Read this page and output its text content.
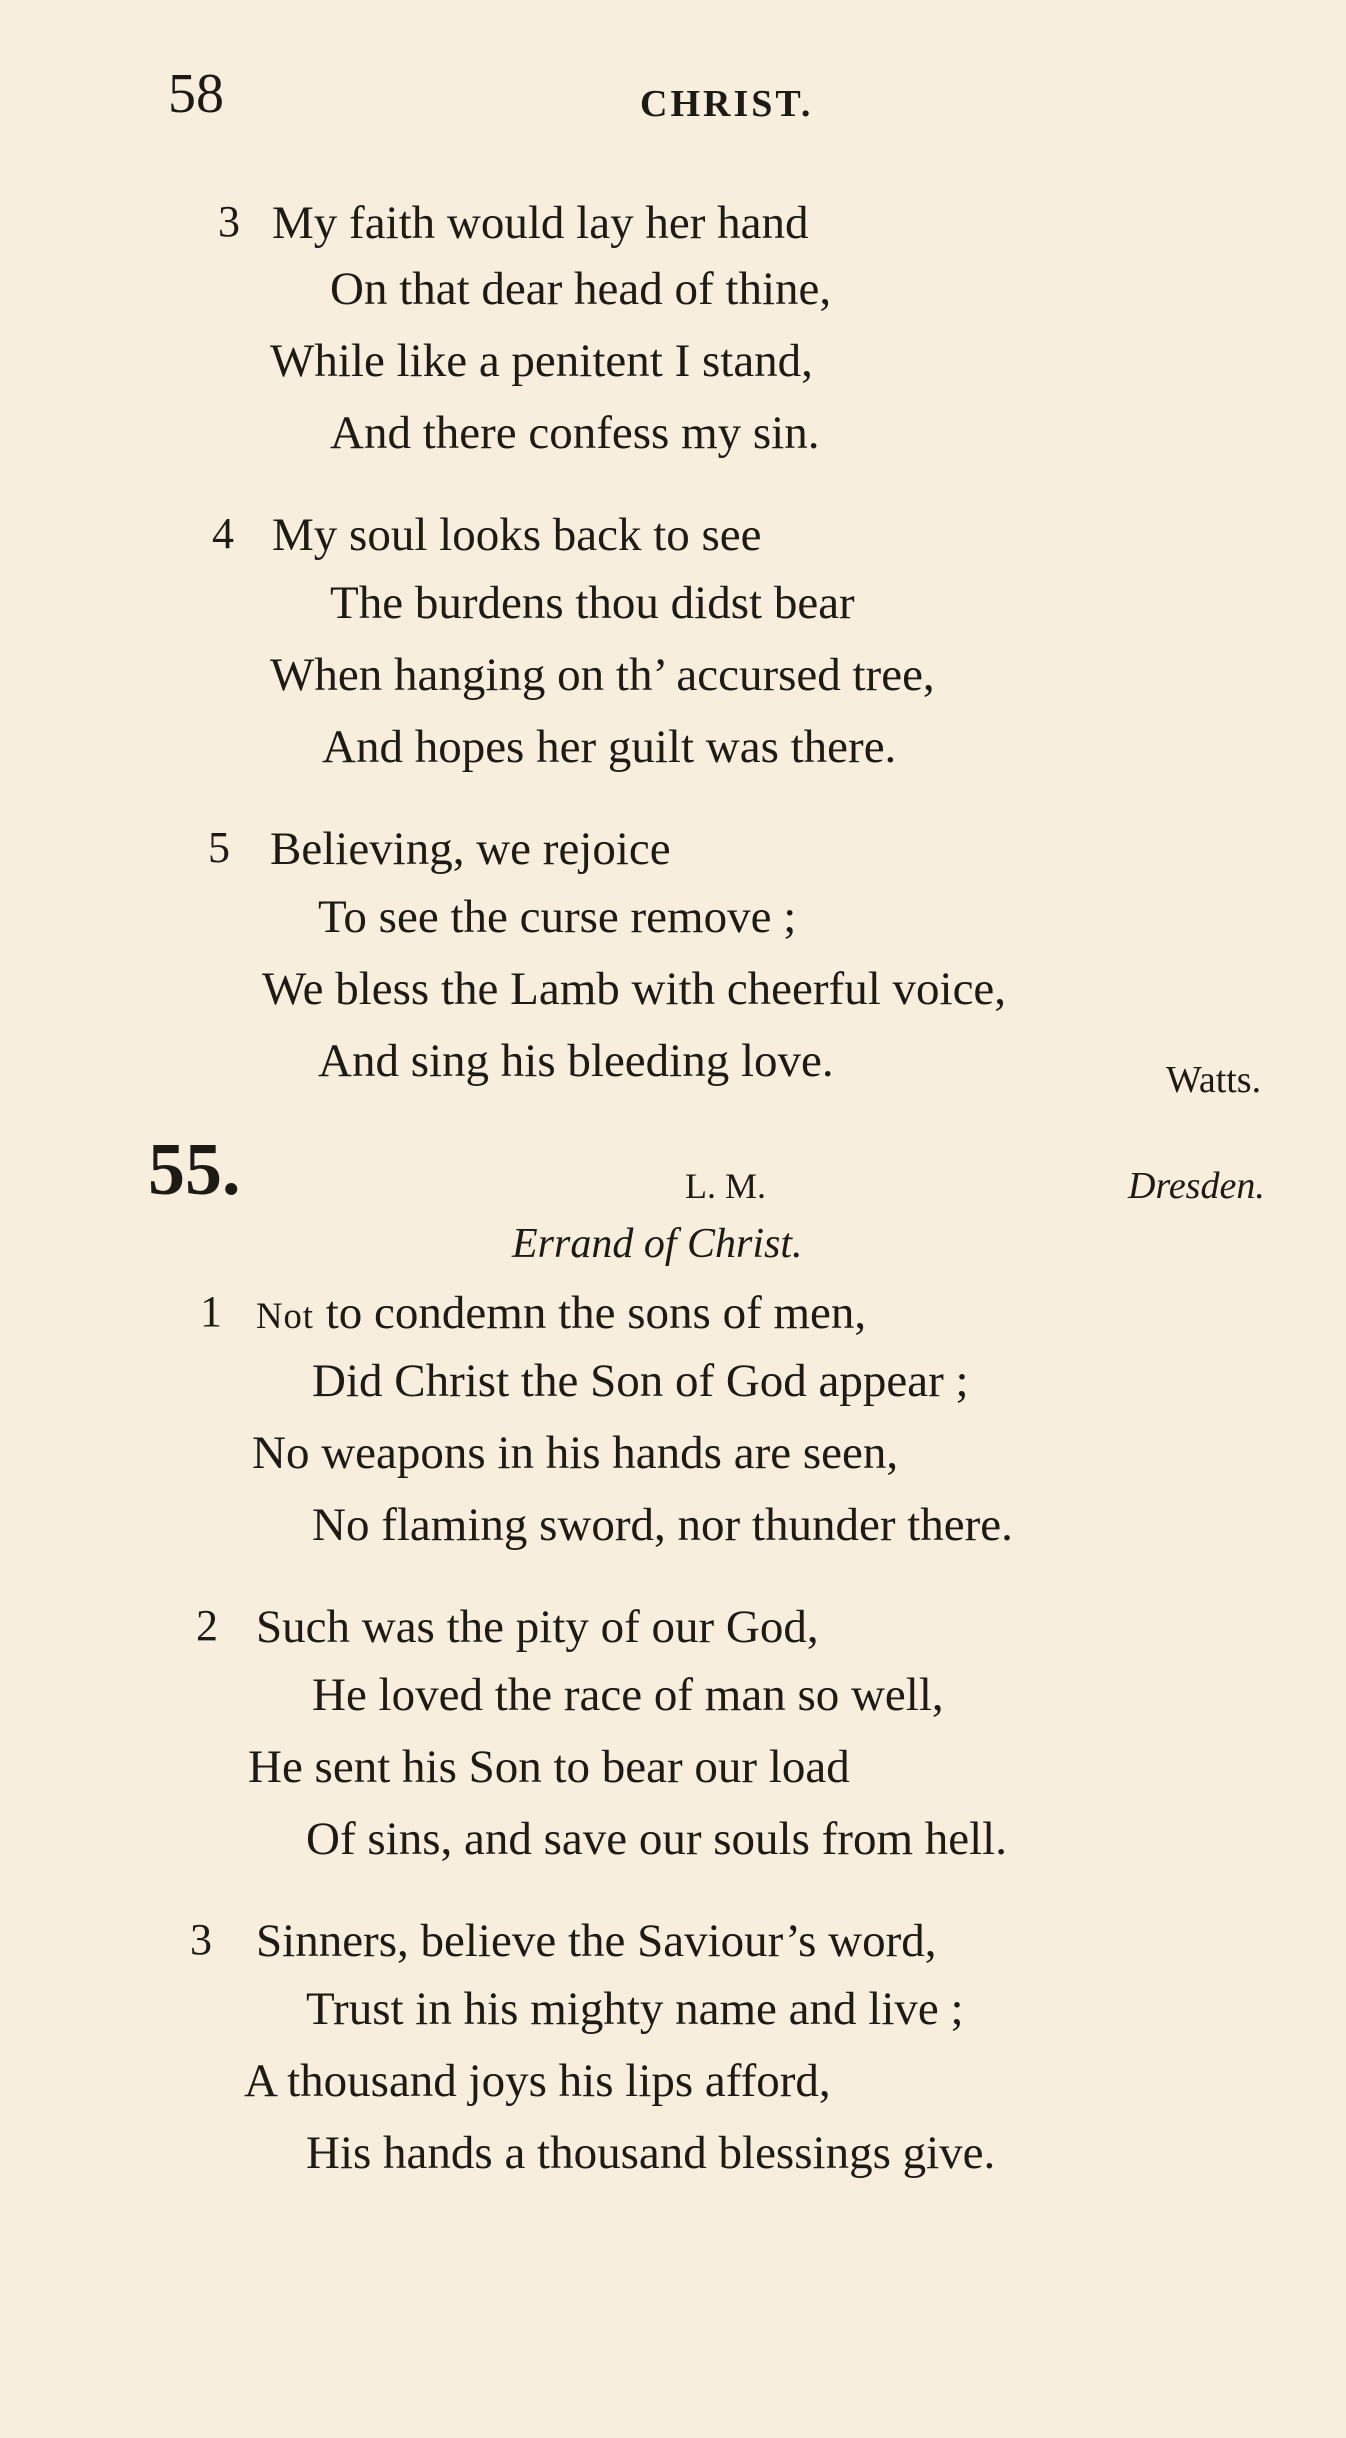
58	CHRIST.
3 My faith would lay her hand
On that dear head of thine,
While like a penitent I stand,
And there confess my sin.
4 My soul looks back to see
The burdens thou didst bear
When hanging on th’ accursed tree,
And hopes her guilt was there.
5 Believing, we rejoice
To see the curse remove ;
We bless the Lamb with cheerful voice,
And sing his bleeding love.	Watts.
55.	L. M.	Dresden.
Errand of Christ.
1 Not to condemn the sons of men,
Did Christ the Son of God appear ;
No weapons in his hands are seen,
No flaming sword, nor thunder there.
2 Such was the pity of our God,
He loved the race of man so well,
He sent his Son to bear our load
Of sins, and save our souls from hell.
3 Sinners, believe the Saviour’s word,
Trust in his mighty name and live ;
A thousand joys his lips afford,
His hands a thousand blessings give.
